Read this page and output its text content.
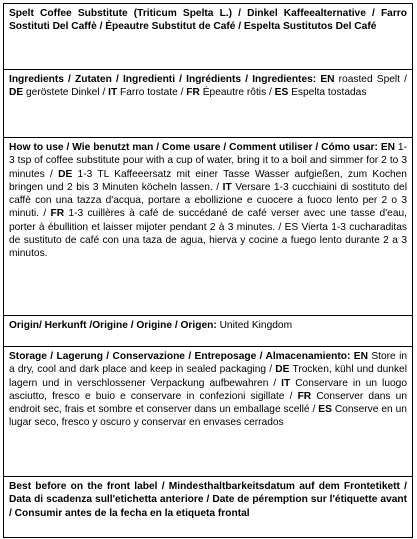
Spelt Coffee Substitute (Triticum Spelta L.) / Dinkel Kaffeealternative / Farro Sostituti Del Caffè / Épeautre Substitut de Café / Espelta Sustitutos Del Café
Ingredients / Zutaten / Ingredienti / Ingrédients / Ingredientes: EN roasted Spelt / DE geröstete Dinkel / IT Farro tostate / FR Épeautre rôtis / ES Espelta tostadas
How to use / Wie benutzt man / Come usare / Comment utiliser / Cómo usar: EN 1-3 tsp of coffee substitute pour with a cup of water, bring it to a boil and simmer for 2 to 3 minutes / DE 1-3 TL Kaffeeersatz mit einer Tasse Wasser aufgießen, zum Kochen bringen und 2 bis 3 Minuten köcheln lassen. / IT Versare 1-3 cucchiaini di sostituto del caffè con una tazza d'acqua, portare a ebollizione e cuocere a fuoco lento per 2 o 3 minuti. / FR 1-3 cuillères à café de succédané de café verser avec une tasse d'eau, porter à ébullition et laisser mijoter pendant 2 à 3 minutes. / ES Vierta 1-3 cucharaditas de sustituto de café con una taza de agua, hierva y cocine a fuego lento durante 2 a 3 minutos.
Origin/ Herkunft /Origine / Origine / Origen: United Kingdom
Storage / Lagerung / Conservazione / Entreposage / Almacenamiento: EN Store in a dry, cool and dark place and keep in sealed packaging / DE Trocken, kühl und dunkel lagern und in verschlossener Verpackung aufbewahren / IT Conservare in un luogo asciutto, fresco e buio e conservare in confezioni sigillate / FR Conserver dans un endroit sec, frais et sombre et conserver dans un emballage scellé / ES Conserve en un lugar seco, fresco y oscuro y conservar en envases cerrados
Best before on the front label / Mindesthaltbarkeitsdatum auf dem Frontetikett / Data di scadenza sull'etichetta anteriore / Date de péremption sur l'étiquette avant / Consumir antes de la fecha en la etiqueta frontal
